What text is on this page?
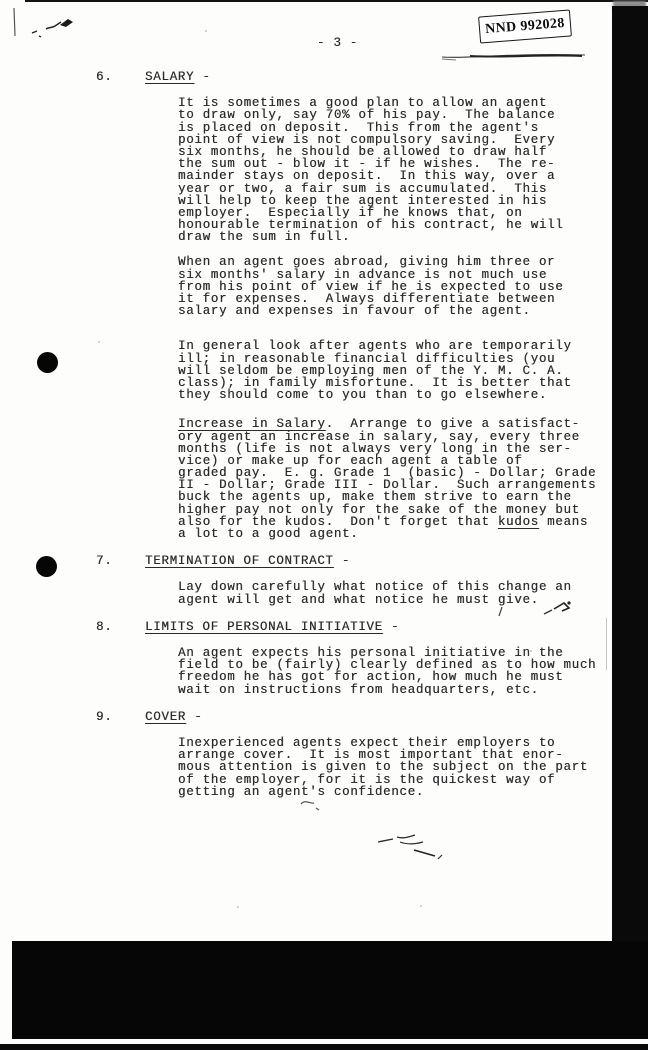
- 3 -
NND 992028
6.	SALARY -
It is sometimes a good plan to allow an agent
to draw only, say 70% of his pay.  The balance
is placed on deposit.  This from the agent's
point of view is not compulsory saving.  Every
six months, he should be allowed to draw half
the sum out - blow it - if he wishes.  The re-
mainder stays on deposit.  In this way, over a
year or two, a fair sum is accumulated.  This
will help to keep the agent interested in his
employer.  Especially if he knows that, on
honourable termination of his contract, he will
draw the sum in full.
When an agent goes abroad, giving him three or
six months' salary in advance is not much use
from his point of view if he is expected to use
it for expenses.  Always differentiate between
salary and expenses in favour of the agent.
In general look after agents who are temporarily
ill; in reasonable financial difficulties (you
will seldom be employing men of the Y. M. C. A.
class); in family misfortune.  It is better that
they should come to you than to go elsewhere.
Increase in Salary.  Arrange to give a satisfact-
ory agent an increase in salary, say, every three
months (life is not always very long in the ser-
vice) or make up for each agent a table of
graded pay.  E. g. Grade 1  (basic) - Dollar; Grade
II - Dollar; Grade III - Dollar.  Such arrangements
buck the agents up, make them strive to earn the
higher pay not only for the sake of the money but
also for the kudos.  Don't forget that kudos means
a lot to a good agent.
7.	TERMINATION OF CONTRACT -
Lay down carefully what notice of this change an
agent will get and what notice he must give.
8.	LIMITS OF PERSONAL INITIATIVE -
An agent expects his personal initiative in the
field to be (fairly) clearly defined as to how much
freedom he has got for action, how much he must
wait on instructions from headquarters, etc.
9.	COVER -
Inexperienced agents expect their employers to
arrange cover.  It is most important that enor-
mous attention is given to the subject on the part
of the employer, for it is the quickest way of
getting an agent's confidence.
